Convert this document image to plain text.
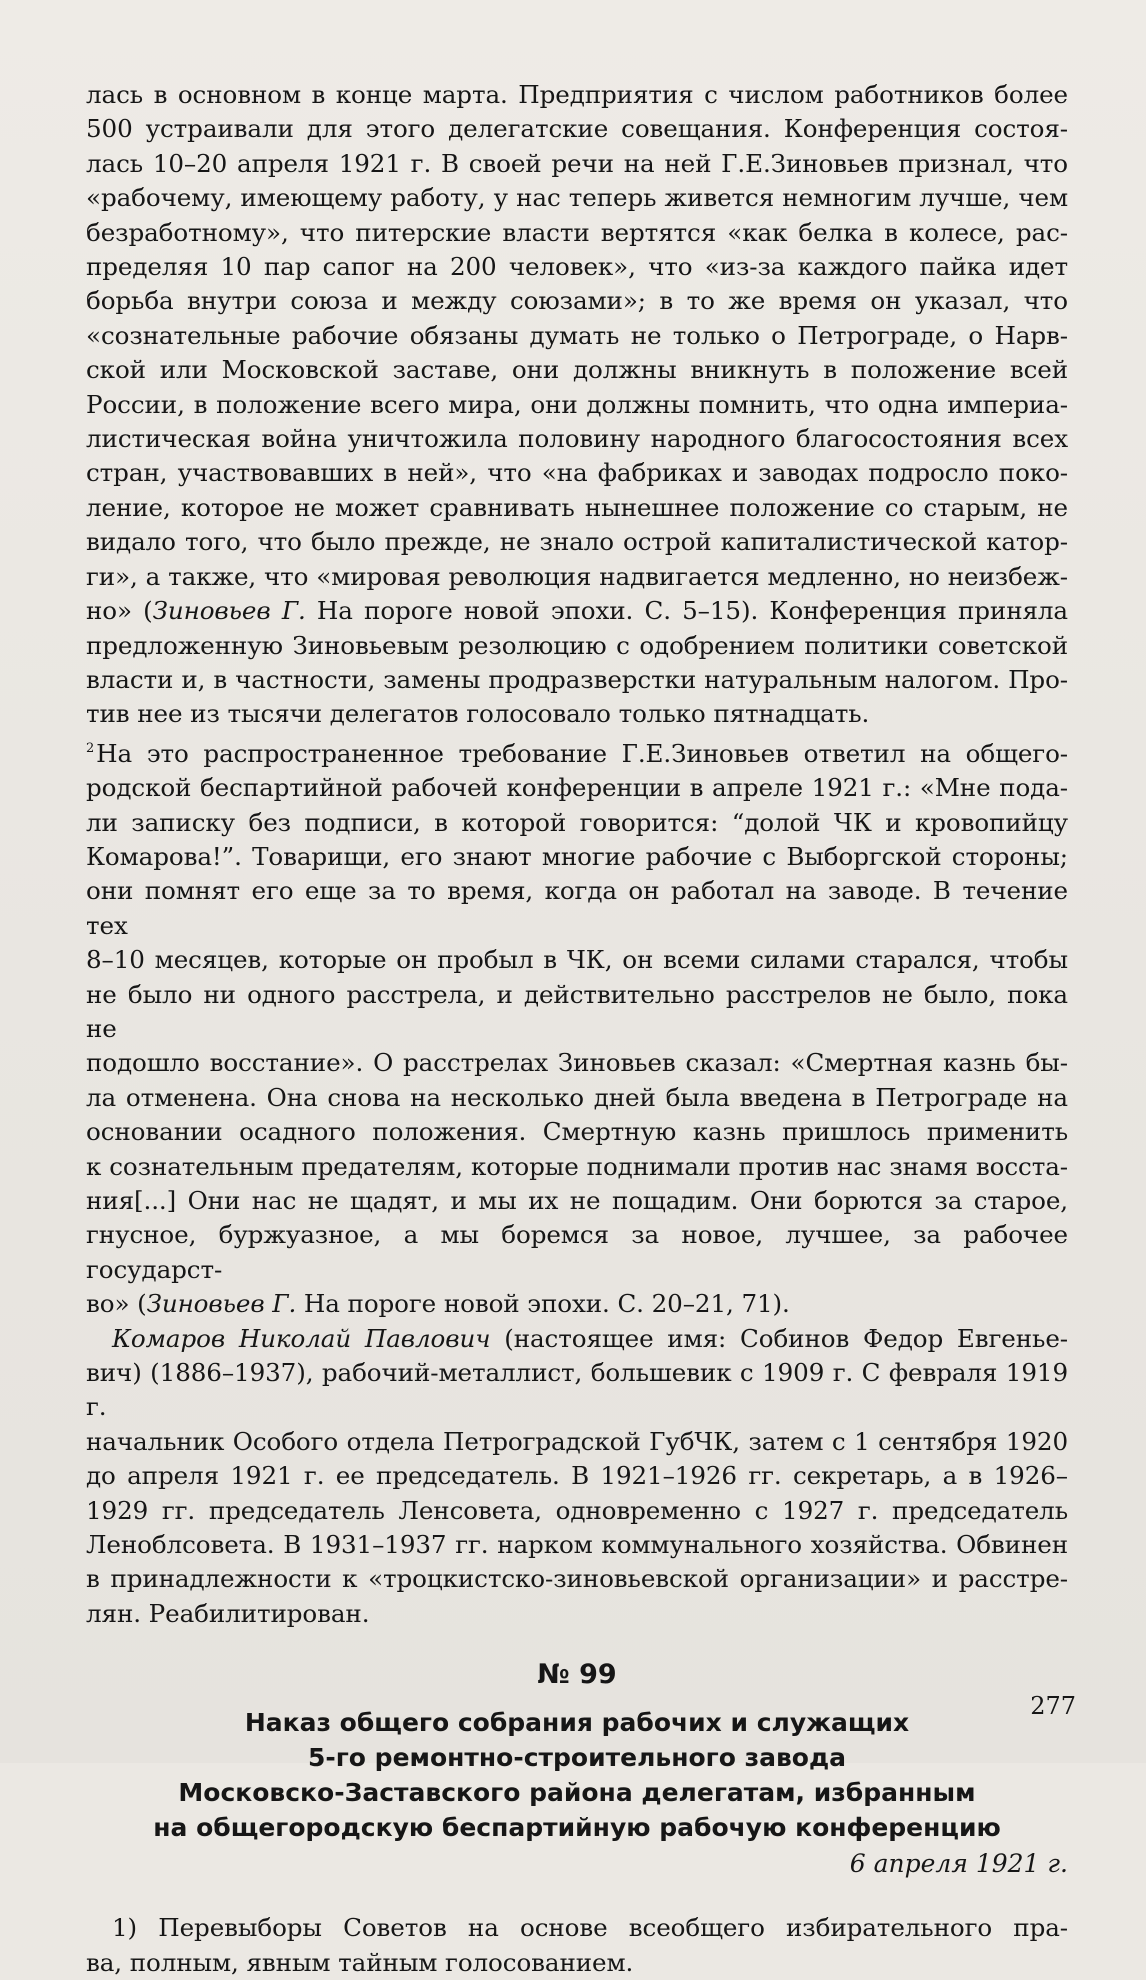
лась в основном в конце марта. Предприятия с числом работников более

500 устраивали для этого делегатские совещания. Конференция состоя-

лась 10–20 апреля 1921 г. В своей речи на ней Г.Е.Зиновьев признал, что

«рабочему, имеющему работу, у нас теперь живется немногим лучше, чем

безработному», что питерские власти вертятся «как белка в колесе, рас-

пределяя 10 пар сапог на 200 человек», что «из-за каждого пайка идет

борьба внутри союза и между союзами»; в то же время он указал, что

«сознательные рабочие обязаны думать не только о Петрограде, о Нарв-

ской или Московской заставе, они должны вникнуть в положение всей

России, в положение всего мира, они должны помнить, что одна империа-

листическая война уничтожила половину народного благосостояния всех

стран, участвовавших в ней», что «на фабриках и заводах подросло поко-

ление, которое не может сравнивать нынешнее положение со старым, не

видало того, что было прежде, не знало острой капиталистической катор-

ги», а также, что «мировая революция надвигается медленно, но неизбеж-

но» (Зиновьев Г. На пороге новой эпохи. С. 5–15). Конференция приняла

предложенную Зиновьевым резолюцию с одобрением политики советской

власти и, в частности, замены продразверстки натуральным налогом. Про-

тив нее из тысячи делегатов голосовало только пятнадцать.

$^2$На это распространенное требование Г.Е.Зиновьев ответил на общего-

родской беспартийной рабочей конференции в апреле 1921 г.: «Мне пода-

ли записку без подписи, в которой говорится: “долой ЧК и кровопийцу

Комарова!”. Товарищи, его знают многие рабочие с Выборгской стороны;

они помнят его еще за то время, когда он работал на заводе. В течение тех

8–10 месяцев, которые он пробыл в ЧК, он всеми силами старался, чтобы

не было ни одного расстрела, и действительно расстрелов не было, пока не

подошло восстание». О расстрелах Зиновьев сказал: «Смертная казнь бы-

ла отменена. Она снова на несколько дней была введена в Петрограде на

основании осадного положения. Смертную казнь пришлось применить

к сознательным предателям, которые поднимали против нас знамя восста-

ния[...] Они нас не щадят, и мы их не пощадим. Они борются за старое,

гнусное, буржуазное, а мы боремся за новое, лучшее, за рабочее государст-

во» (Зиновьев Г. На пороге новой эпохи. С. 20–21, 71).

Комаров Николай Павлович (настоящее имя: Собинов Федор Евгенье-

вич) (1886–1937), рабочий-металлист, большевик с 1909 г. С февраля 1919 г.

начальник Особого отдела Петроградской ГубЧК, затем с 1 сентября 1920

до апреля 1921 г. ее председатель. В 1921–1926 гг. секретарь, а в 1926–

1929 гг. председатель Ленсовета, одновременно с 1927 г. председатель

Ленoблсовета. В 1931–1937 гг. нарком коммунального хозяйства. Обвинен

в принадлежности к «троцкистско-зиновьевской организации» и расстре-

лян. Реабилитирован.

№ 99
Наказ общего собрания рабочих и служащих
5-го ремонтно-строительного завода
Московско-Заставского района делегатам, избранным
на общегородскую беспартийную рабочую конференцию
6 апреля 1921 г.

1) Перевыборы Советов на основе всеобщего избирательного пра-

ва, полным, явным тайным голосованием.

277
